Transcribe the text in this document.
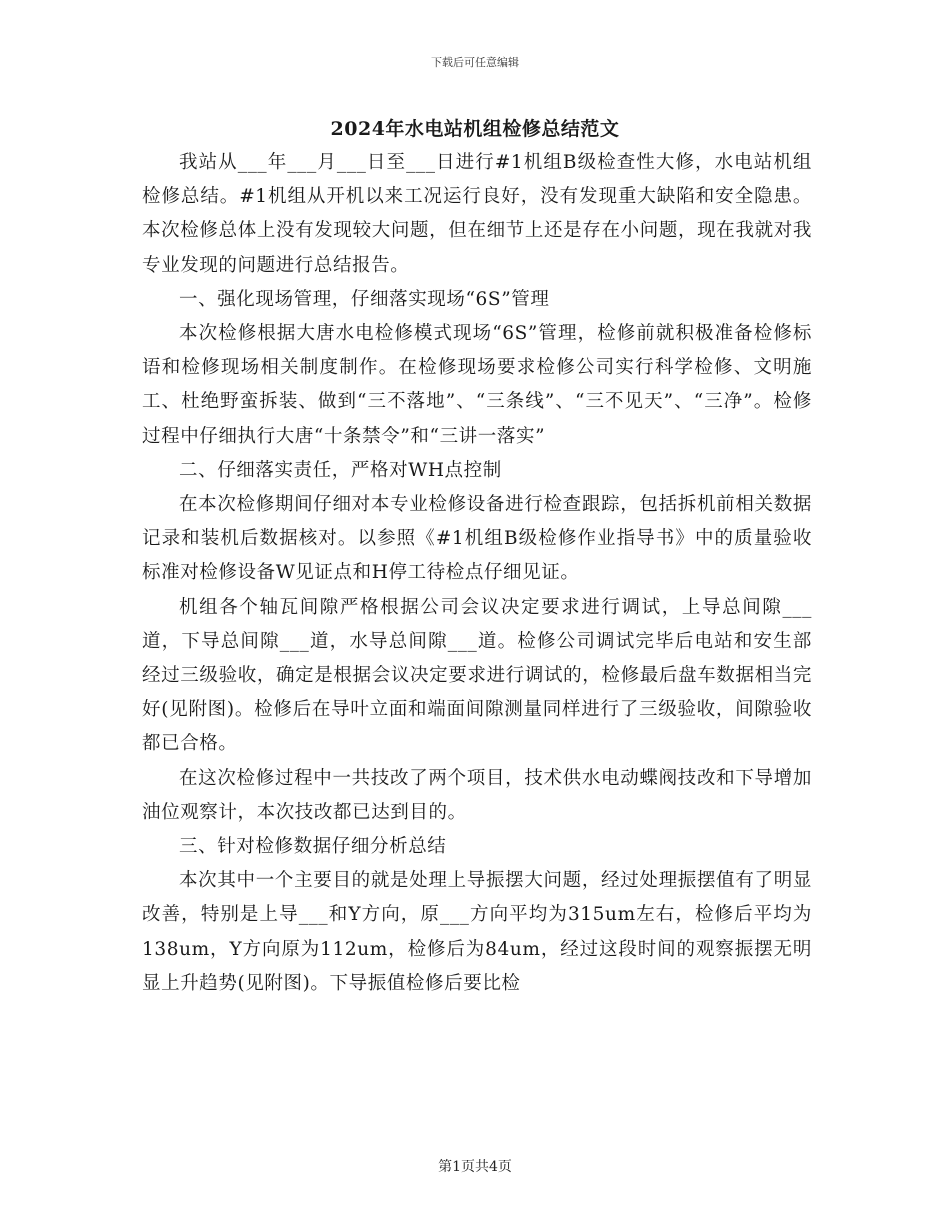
下载后可任意编辑
2024年水电站机组检修总结范文

我站从___年___月___日至___日进行#1机组B级检查性大修，水电站机组检修总结。#1机组从开机以来工况运行良好，没有发现重大缺陷和安全隐患。本次检修总体上没有发现较大问题，但在细节上还是存在小问题，现在我就对我专业发现的问题进行总结报告。

一、强化现场管理，仔细落实现场“6S”管理

本次检修根据大唐水电检修模式现场“6S”管理，检修前就积极准备检修标语和检修现场相关制度制作。在检修现场要求检修公司实行科学检修、文明施工、杜绝野蛮拆装、做到“三不落地”、“三条线”、“三不见天”、“三净”。检修过程中仔细执行大唐“十条禁令”和“三讲一落实”

二、仔细落实责任，严格对WH点控制

在本次检修期间仔细对本专业检修设备进行检查跟踪，包括拆机前相关数据记录和装机后数据核对。以参照《#1机组B级检修作业指导书》中的质量验收标准对检修设备W见证点和H停工待检点仔细见证。

机组各个轴瓦间隙严格根据公司会议决定要求进行调试，上导总间隙___道，下导总间隙___道，水导总间隙___道。检修公司调试完毕后电站和安生部经过三级验收，确定是根据会议决定要求进行调试的，检修最后盘车数据相当完好(见附图)。检修后在导叶立面和端面间隙测量同样进行了三级验收，间隙验收都已合格。

在这次检修过程中一共技改了两个项目，技术供水电动蝶阀技改和下导增加油位观察计，本次技改都已达到目的。

三、针对检修数据仔细分析总结

本次其中一个主要目的就是处理上导振摆大问题，经过处理振摆值有了明显改善，特别是上导___和Y方向，原___方向平均为315um左右，检修后平均为138um，Y方向原为112um，检修后为84um，经过这段时间的观察振摆无明显上升趋势(见附图)。下导振值检修后要比检

第1页共4页
